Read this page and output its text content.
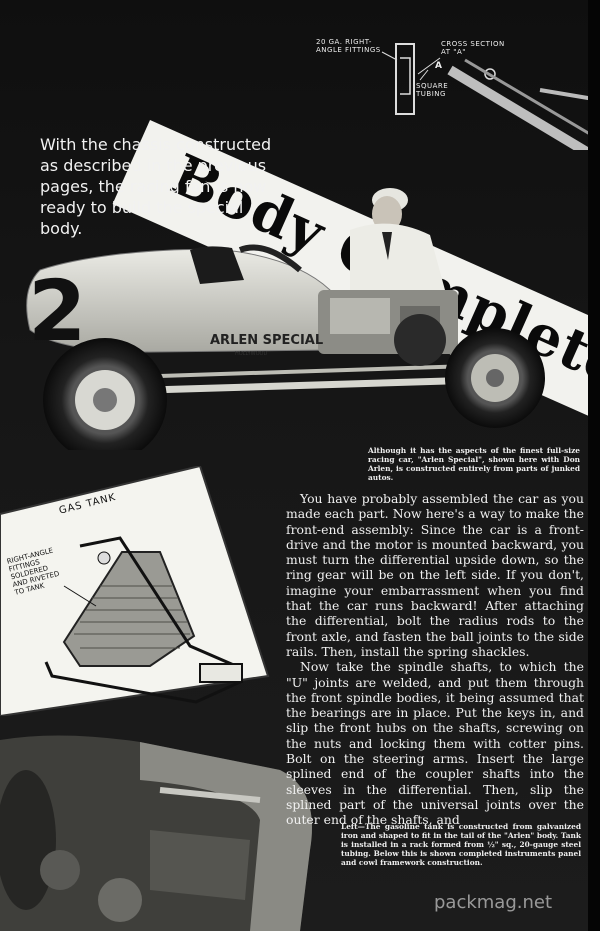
20 GA. RIGHT-
ANGLE FITTINGS
CROSS SECTION
AT "A"
SQUARE
TUBING
A
Body Completes
With the chassis constructed as described in the previous pages, the racing fan is now ready to build the special body.
2	ARLEN SPECIAL
HOLLYWOOD
Although it has the aspects of the finest full-size racing car, "Arlen Special", shown here with Don Arlen, is constructed entirely from parts of junked autos.
GAS TANK
RIGHT-ANGLE
FITTINGS
SOLDERED
AND RIVETED
TO TANK

You have probably assembled the car as you made each part. Now here's a way to make the front-end assembly: Since the car is a front-drive and the motor is mounted backward, you must turn the differential upside down, so the ring gear will be on the left side. If you don't, imagine your embarrassment when you find that the car runs backward! After attaching the differential, bolt the radius rods to the front axle, and fasten the ball joints to the side rails. Then, install the spring shackles.

Now take the spindle shafts, to which the "U" joints are welded, and put them through the front spindle bodies, it being assumed that the bearings are in place. Put the keys in, and slip the front hubs on the shafts, screwing on the nuts and locking them with cotter pins. Bolt on the steering arms. Insert the large splined end of the coupler shafts into the sleeves in the differential. Then, slip the splined part of the universal joints over the outer end of the shafts, and

Left—The gasoline tank is constructed from galvanized iron and shaped to fit in the tail of the "Arlen" body. Tank is installed in a rack formed from ½" sq., 20-gauge steel tubing. Below this is shown completed instruments panel and cowl framework construction.
packmag.net
